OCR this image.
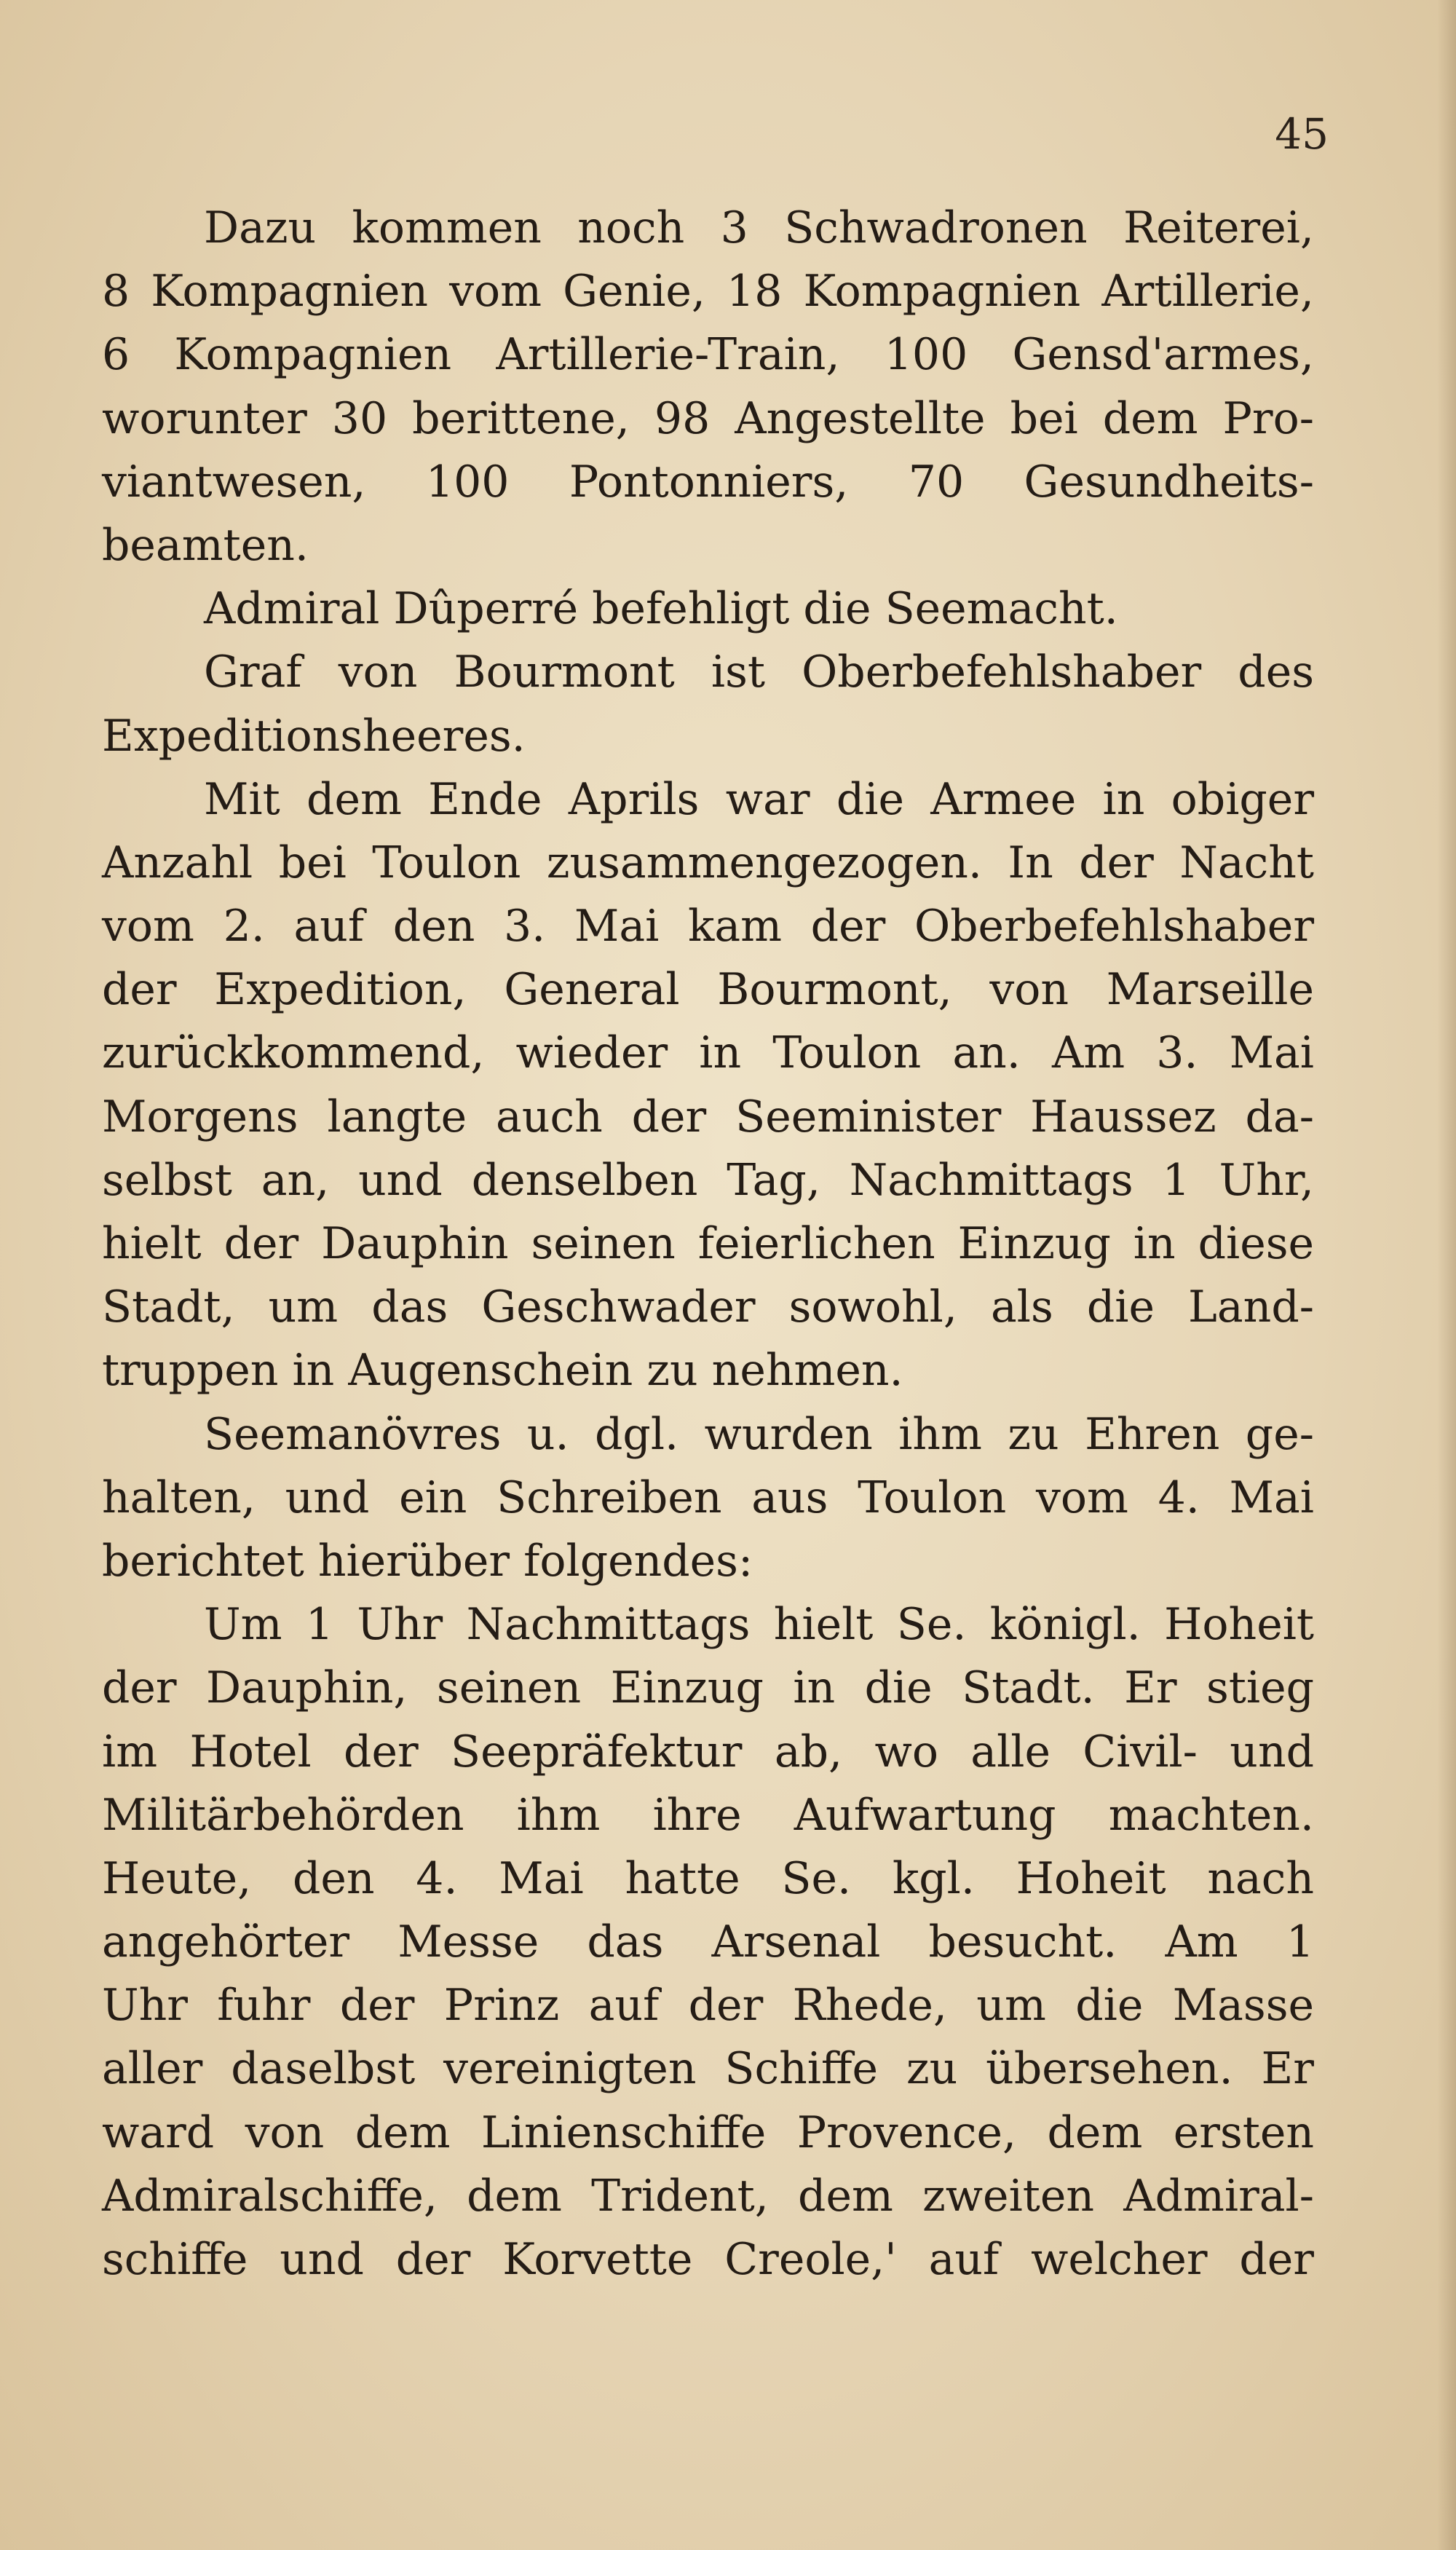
45
Dazu kommen noch 3 Schwadronen Reiterei,
8 Kompagnien vom Genie, 18 Kompagnien Artillerie,
6 Kompagnien Artillerie-Train, 100 Gensd'armes,
worunter 30 berittene, 98 Angestellte bei dem Pro-
viantwesen, 100 Pontonniers, 70 Gesundheits-
beamten.
Admiral Dûperré befehligt die Seemacht.
Graf von Bourmont ist Oberbefehlshaber des
Expeditionsheeres.
Mit dem Ende Aprils war die Armee in obiger
Anzahl bei Toulon zusammengezogen. In der Nacht
vom 2. auf den 3. Mai kam der Oberbefehlshaber
der Expedition, General Bourmont, von Marseille
zurückkommend, wieder in Toulon an. Am 3. Mai
Morgens langte auch der Seeminister Haussez da-
selbst an, und denselben Tag, Nachmittags 1 Uhr,
hielt der Dauphin seinen feierlichen Einzug in diese
Stadt, um das Geschwader sowohl, als die Land-
truppen in Augenschein zu nehmen.
Seemanövres u. dgl. wurden ihm zu Ehren ge-
halten, und ein Schreiben aus Toulon vom 4. Mai
berichtet hierüber folgendes:
Um 1 Uhr Nachmittags hielt Se. königl. Hoheit
der Dauphin, seinen Einzug in die Stadt. Er stieg
im Hotel der Seepräfektur ab, wo alle Civil- und
Militärbehörden ihm ihre Aufwartung machten.
Heute, den 4. Mai hatte Se. kgl. Hoheit nach
angehörter Messe das Arsenal besucht. Am 1
Uhr fuhr der Prinz auf der Rhede, um die Masse
aller daselbst vereinigten Schiffe zu übersehen. Er
ward von dem Linienschiffe Provence, dem ersten
Admiralschiffe, dem Trident, dem zweiten Admiral-
schiffe und der Korvette Creole,' auf welcher der
